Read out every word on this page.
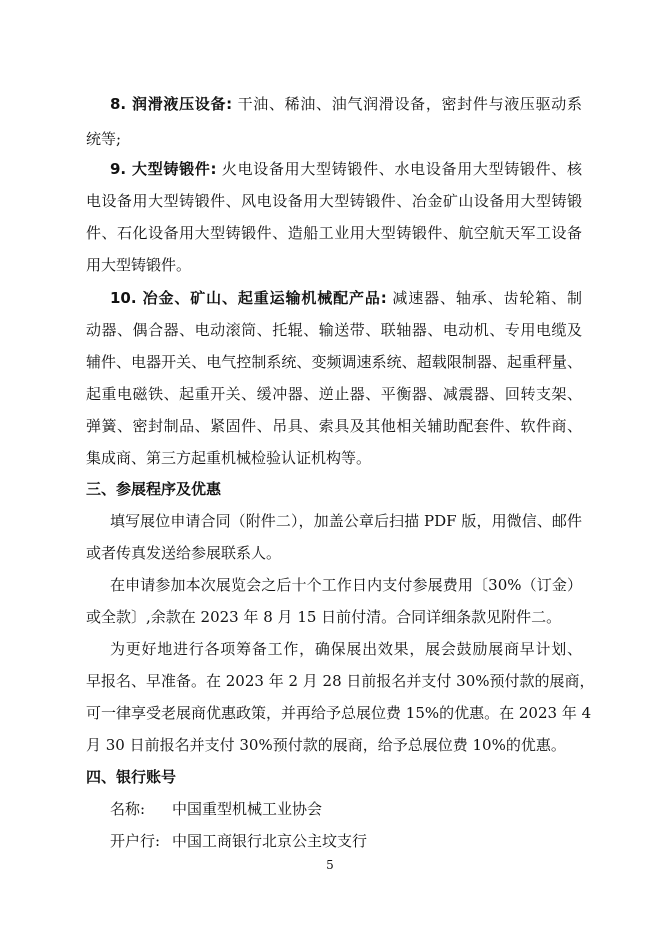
8. 润滑液压设备: 干油、稀油、油气润滑设备，密封件与液压驱动系
统等;
9. 大型铸锻件: 火电设备用大型铸锻件、水电设备用大型铸锻件、核
电设备用大型铸锻件、风电设备用大型铸锻件、冶金矿山设备用大型铸锻
件、石化设备用大型铸锻件、造船工业用大型铸锻件、航空航天军工设备
用大型铸锻件。
10. 冶金、矿山、起重运输机械配产品: 减速器、轴承、齿轮箱、制
动器、偶合器、电动滚筒、托辊、输送带、联轴器、电动机、专用电缆及
辅件、电器开关、电气控制系统、变频调速系统、超载限制器、起重秤量、
起重电磁铁、起重开关、缓冲器、逆止器、平衡器、减震器、回转支架、
弹簧、密封制品、紧固件、吊具、索具及其他相关辅助配套件、软件商、
集成商、第三方起重机械检验认证机构等。
三、参展程序及优惠
填写展位申请合同（附件二），加盖公章后扫描 PDF 版，用微信、邮件
或者传真发送给参展联系人。
在申请参加本次展览会之后十个工作日内支付参展费用〔30%（订金）
或全款〕,余款在 2023 年 8 月 15 日前付清。合同详细条款见附件二。
为更好地进行各项筹备工作，确保展出效果，展会鼓励展商早计划、
早报名、早准备。在 2023 年 2 月 28 日前报名并支付 30%预付款的展商，
可一律享受老展商优惠政策，并再给予总展位费 15%的优惠。在 2023 年 4
月 30 日前报名并支付 30%预付款的展商，给予总展位费 10%的优惠。
四、银行账号
名称: 中国重型机械工业协会
开户行: 中国工商银行北京公主坟支行
5
